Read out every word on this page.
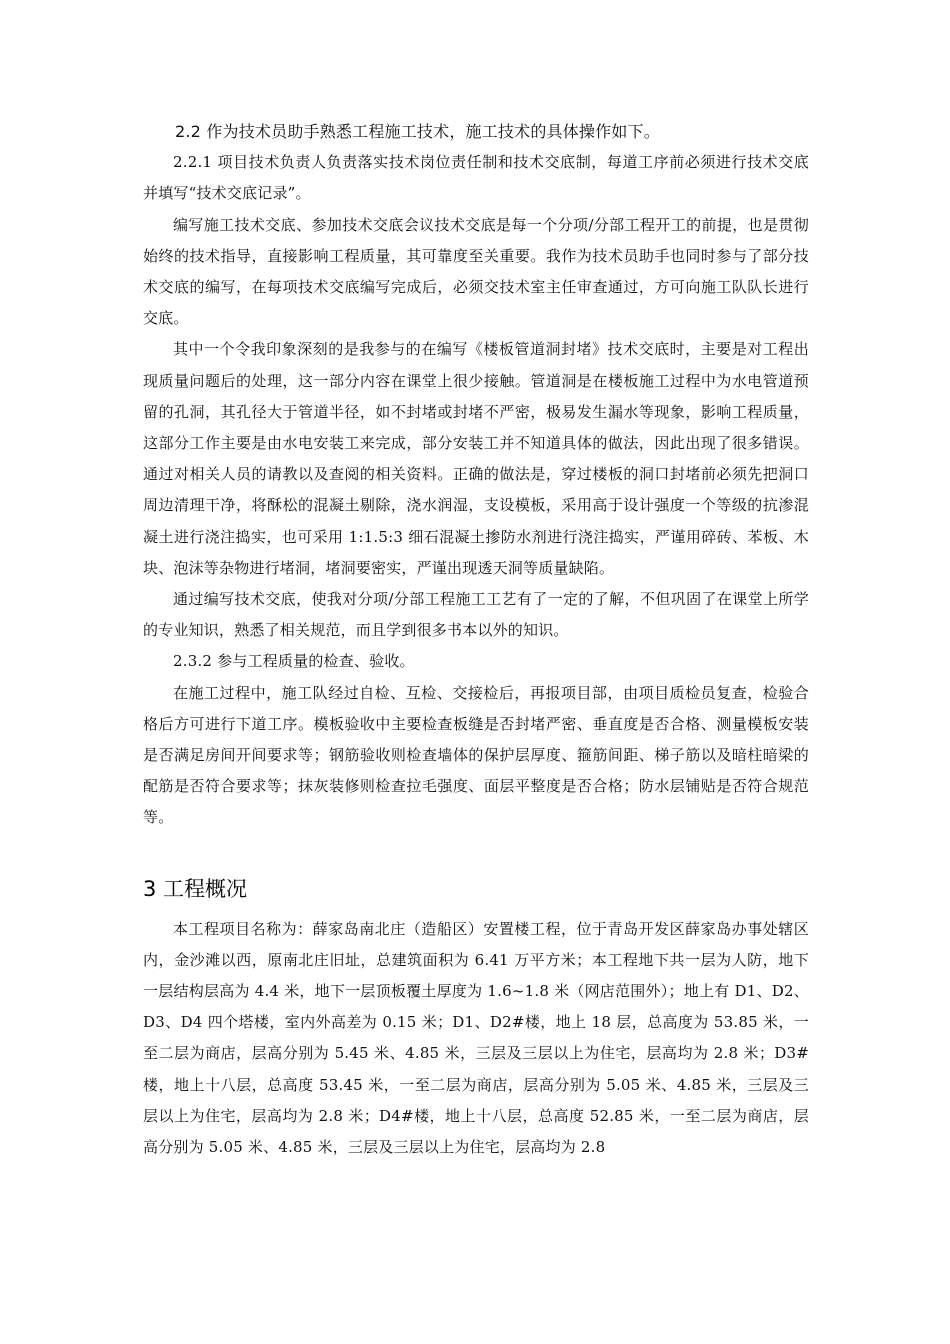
2.2 作为技术员助手熟悉工程施工技术，施工技术的具体操作如下。

2.2.1 项目技术负责人负责落实技术岗位责任制和技术交底制，每道工序前必须进行技术交底并填写“技术交底记录”。

编写施工技术交底、参加技术交底会议技术交底是每一个分项/分部工程开工的前提，也是贯彻始终的技术指导，直接影响工程质量，其可靠度至关重要。我作为技术员助手也同时参与了部分技术交底的编写，在每项技术交底编写完成后，必须交技术室主任审查通过，方可向施工队队长进行交底。

其中一个令我印象深刻的是我参与的在编写《楼板管道洞封堵》技术交底时，主要是对工程出现质量问题后的处理，这一部分内容在课堂上很少接触。管道洞是在楼板施工过程中为水电管道预留的孔洞，其孔径大于管道半径，如不封堵或封堵不严密，极易发生漏水等现象，影响工程质量，这部分工作主要是由水电安装工来完成，部分安装工并不知道具体的做法，因此出现了很多错误。通过对相关人员的请教以及查阅的相关资料。正确的做法是，穿过楼板的洞口封堵前必须先把洞口周边清理干净，将酥松的混凝土剔除，浇水润湿，支设模板，采用高于设计强度一个等级的抗渗混凝土进行浇注捣实，也可采用 1:1.5:3 细石混凝土掺防水剂进行浇注捣实，严谨用碎砖、苯板、木块、泡沫等杂物进行堵洞，堵洞要密实，严谨出现透天洞等质量缺陷。

通过编写技术交底，使我对分项/分部工程施工工艺有了一定的了解，不但巩固了在课堂上所学的专业知识，熟悉了相关规范，而且学到很多书本以外的知识。

2.3.2 参与工程质量的检查、验收。

在施工过程中，施工队经过自检、互检、交接检后，再报项目部，由项目质检员复查，检验合格后方可进行下道工序。模板验收中主要检查板缝是否封堵严密、垂直度是否合格、测量模板安装是否满足房间开间要求等；钢筋验收则检查墙体的保护层厚度、箍筋间距、梯子筋以及暗柱暗梁的配筋是否符合要求等；抹灰装修则检查拉毛强度、面层平整度是否合格；防水层铺贴是否符合规范等。

3 工程概况

本工程项目名称为：薛家岛南北庄（造船区）安置楼工程，位于青岛开发区薛家岛办事处辖区内，金沙滩以西，原南北庄旧址，总建筑面积为 6.41 万平方米；本工程地下共一层为人防，地下一层结构层高为 4.4 米，地下一层顶板覆土厚度为 1.6~1.8 米（网店范围外）；地上有 D1、D2、D3、D4 四个塔楼，室内外高差为 0.15 米；D1、D2#楼，地上 18 层，总高度为 53.85 米，一至二层为商店，层高分别为 5.45 米、4.85 米，三层及三层以上为住宅，层高均为 2.8 米；D3#楼，地上十八层，总高度 53.45 米，一至二层为商店，层高分别为 5.05 米、4.85 米，三层及三层以上为住宅，层高均为 2.8 米；D4#楼，地上十八层，总高度 52.85 米，一至二层为商店，层高分别为 5.05 米、4.85 米，三层及三层以上为住宅，层高均为 2.8
